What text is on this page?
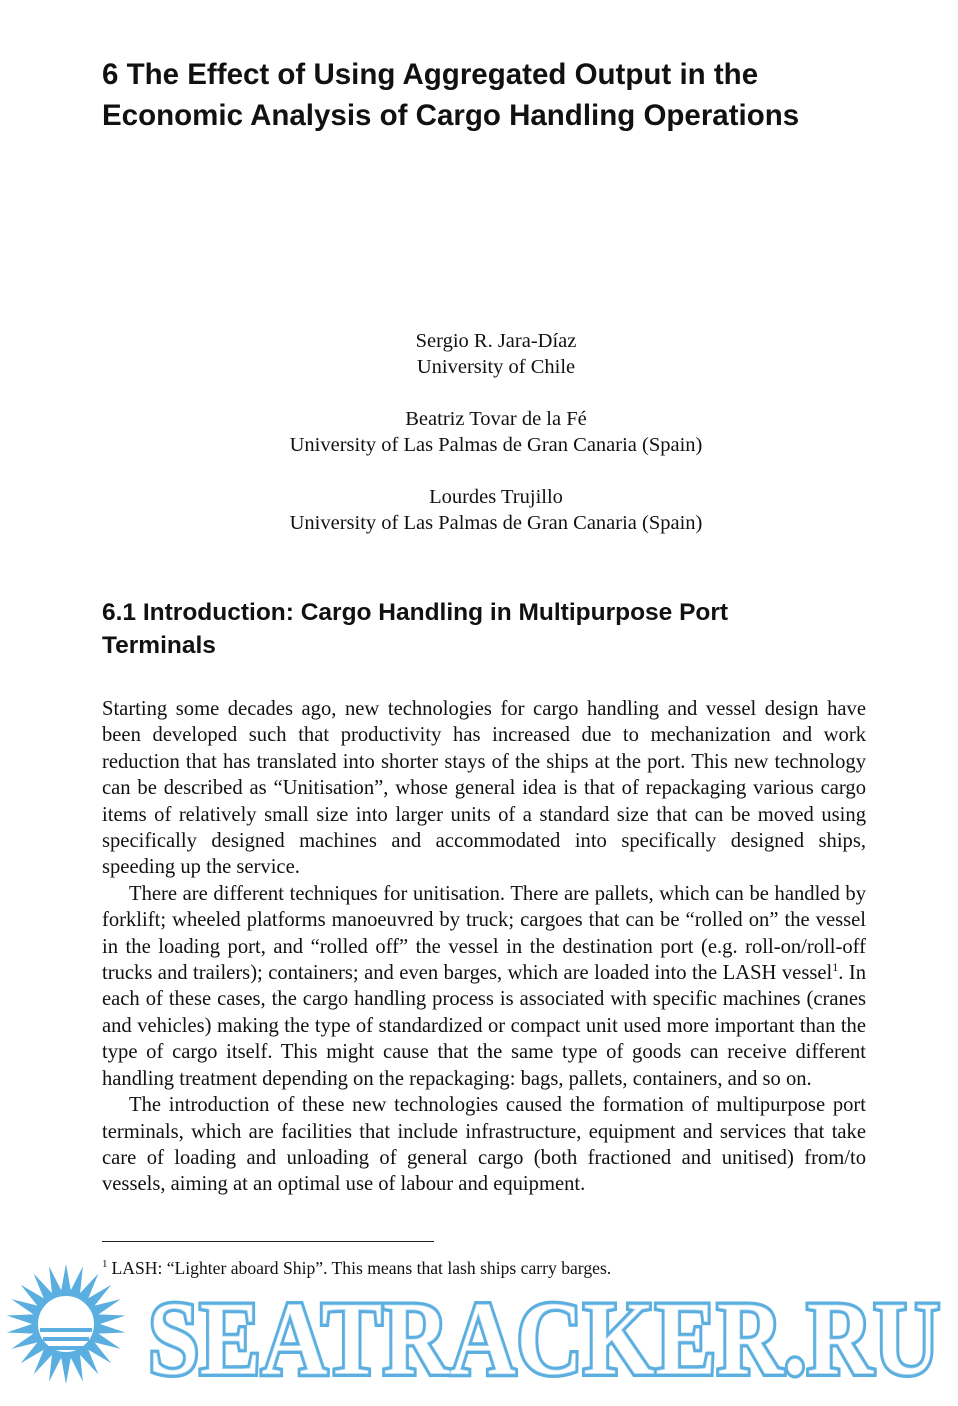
6 The Effect of Using Aggregated Output in the
Economic Analysis of Cargo Handling Operations
Sergio R. Jara-Díaz
University of Chile
Beatriz Tovar de la Fé
University of Las Palmas de Gran Canaria (Spain)
Lourdes Trujillo
University of Las Palmas de Gran Canaria (Spain)
6.1 Introduction: Cargo Handling in Multipurpose Port
Terminals

Starting some decades ago, new technologies for cargo handling and vessel design have been developed such that productivity has increased due to mechanization and work reduction that has translated into shorter stays of the ships at the port. This new technology can be described as “Unitisation”, whose general idea is that of repackaging various cargo items of relatively small size into larger units of a standard size that can be moved using specifically designed machines and accommodated into specifically designed ships, speeding up the service.

There are different techniques for unitisation. There are pallets, which can be handled by forklift; wheeled platforms manoeuvred by truck; cargoes that can be “rolled on” the vessel in the loading port, and “rolled off” the vessel in the destination port (e.g. roll-on/roll-off trucks and trailers); containers; and even barges, which are loaded into the LASH vessel$^1$. In each of these cases, the cargo handling process is associated with specific machines (cranes and vehicles) making the type of standardized or compact unit used more important than the type of cargo itself. This might cause that the same type of goods can receive different handling treatment depending on the repackaging: bags, pallets, containers, and so on.

The introduction of these new technologies caused the formation of multipurpose port terminals, which are facilities that include infrastructure, equipment and services that take care of loading and unloading of general cargo (both fractioned and unitised) from/to vessels, aiming at an optimal use of labour and equipment.

$^1$ LASH: “Lighter aboard Ship”. This means that lash ships carry barges.
SEATRACKER.RU
SEATRACKER.RU
